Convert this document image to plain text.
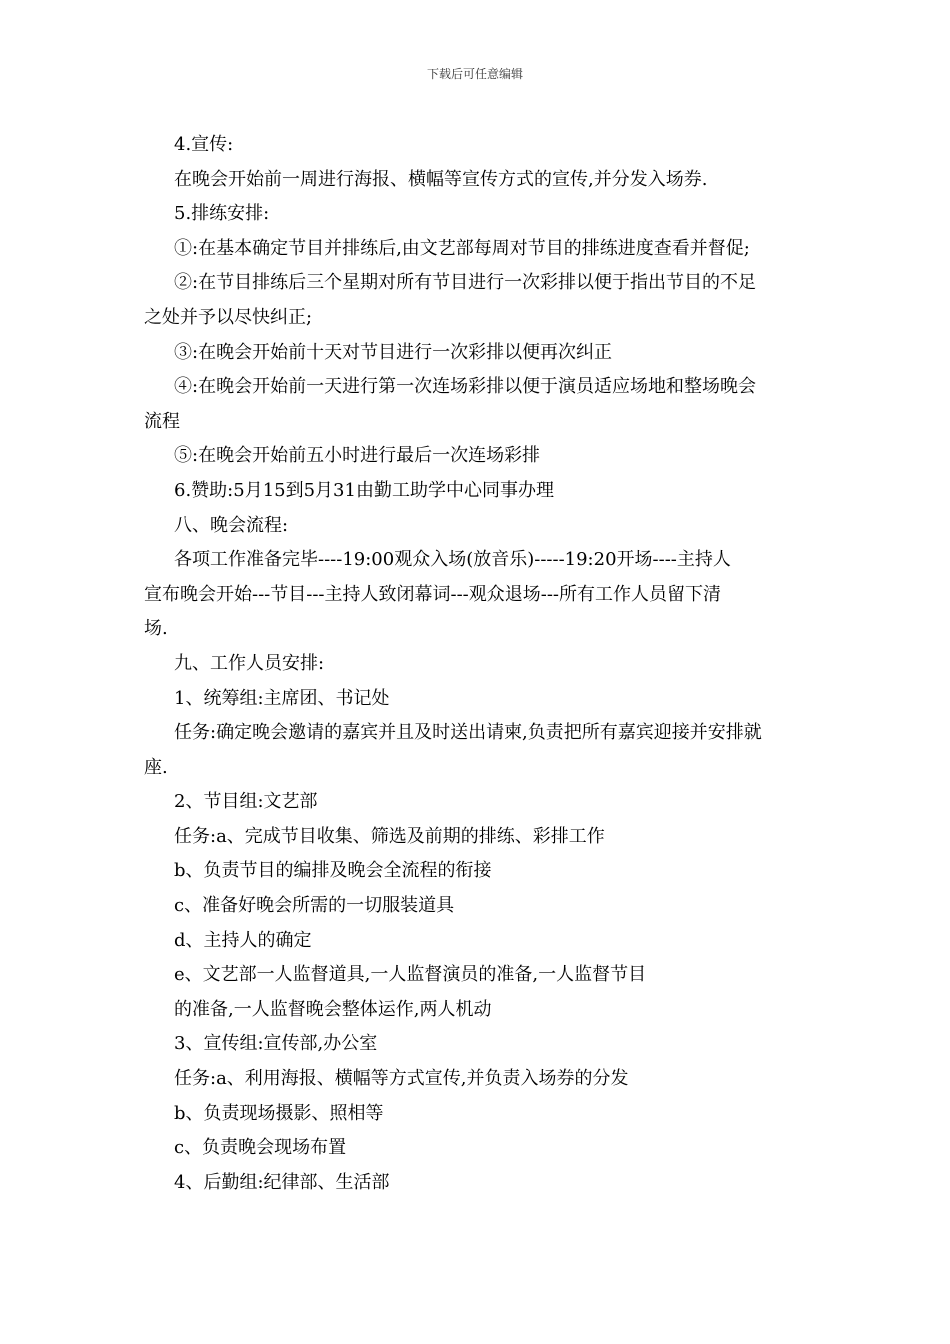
下载后可任意编辑

4.宣传:

在晚会开始前一周进行海报、横幅等宣传方式的宣传,并分发入场券.

5.排练安排:

①:在基本确定节目并排练后,由文艺部每周对节目的排练进度查看并督促;

②:在节目排练后三个星期对所有节目进行一次彩排以便于指出节目的不足

之处并予以尽快纠正;

③:在晚会开始前十天对节目进行一次彩排以便再次纠正

④:在晚会开始前一天进行第一次连场彩排以便于演员适应场地和整场晚会

流程

⑤:在晚会开始前五小时进行最后一次连场彩排

6.赞助:5月15到5月31由勤工助学中心同事办理

八、晚会流程:

各项工作准备完毕----19:00观众入场(放音乐)-----19:20开场----主持人

宣布晚会开始---节目---主持人致闭幕词---观众退场---所有工作人员留下清

场.

九、工作人员安排:

1、统筹组:主席团、书记处

任务:确定晚会邀请的嘉宾并且及时送出请柬,负责把所有嘉宾迎接并安排就

座.

2、节目组:文艺部

任务:a、完成节目收集、筛选及前期的排练、彩排工作

b、负责节目的编排及晚会全流程的衔接

c、准备好晚会所需的一切服装道具

d、主持人的确定

e、文艺部一人监督道具,一人监督演员的准备,一人监督节目

的准备,一人监督晚会整体运作,两人机动

3、宣传组:宣传部,办公室

任务:a、利用海报、横幅等方式宣传,并负责入场券的分发

b、负责现场摄影、照相等

c、负责晚会现场布置

4、后勤组:纪律部、生活部
